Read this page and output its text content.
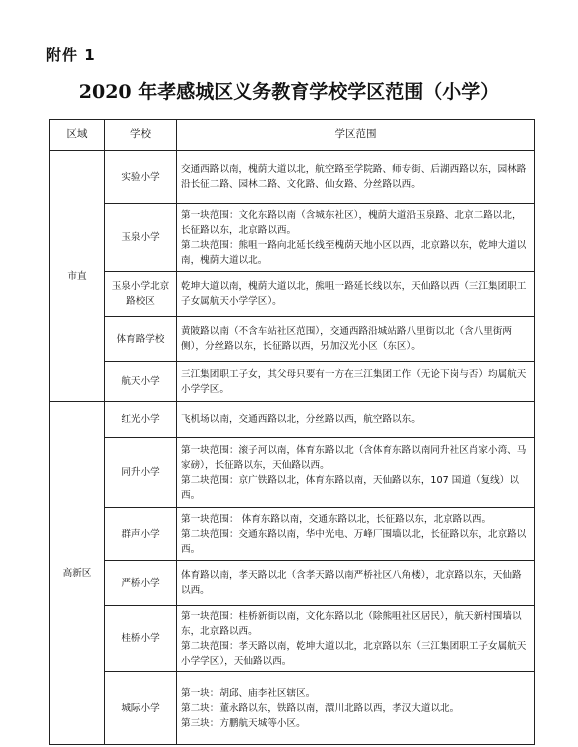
附件 1
2020 年孝感城区义务教育学校学区范围（小学）
区域	学校	学区范围
市直	实验小学	交通西路以南，槐荫大道以北，航空路至学院路、师专街、后湖西路以东，园林路沿长征二路、园林二路、文化路、仙女路、分丝路以西。

	玉泉小学	第一块范围：文化东路以南（含城东社区），槐荫大道沿玉泉路、北京二路以北，长征路以东，北京路以西。
第二块范围：熊咀一路向北延长线至槐荫天地小区以西，北京路以东，乾坤大道以南，槐荫大道以北。

	玉泉小学北京路校区	乾坤大道以南，槐荫大道以北，熊咀一路延长线以东，天仙路以西（三江集团职工子女属航天小学学区）。

	体育路学校	黄陂路以南（不含车站社区范围），交通西路沿城站路八里街以北（含八里街两侧），分丝路以东，长征路以西，另加汉光小区（东区）。

	航天小学	三江集团职工子女，其父母只要有一方在三江集团工作（无论下岗与否）均属航天小学学区。

高新区	红光小学	飞机场以南，交通西路以北，分丝路以西，航空路以东。

	同升小学	第一块范围：滚子河以南，体育东路以北（含体育东路以南同升社区肖家小湾、马家磅），长征路以东，天仙路以西。
第二块范围：京广铁路以北，体育东路以南，天仙路以东，107 国道（复线）以西。

	群声小学	第一块范围： 体育东路以南，交通东路以北，长征路以东，北京路以西。
第二块范围：交通东路以南，华中光电、万峰厂围墙以北，长征路以东，北京路以西。

	严桥小学	体育路以南，孝天路以北（含孝天路以南严桥社区八角楼），北京路以东，天仙路以西。

	桂桥小学	第一块范围：桂桥新街以南，文化东路以北（除熊咀社区居民），航天新村围墙以东，北京路以西。
第二块范围：孝天路以南，乾坤大道以北，北京路以东（三江集团职工子女属航天小学学区），天仙路以西。

	城际小学	第一块：胡邱、庙李社区辖区。
第二块：董永路以东，铁路以南，澴川北路以西，孝汉大道以北。
第三块：方鹏航天城等小区。
